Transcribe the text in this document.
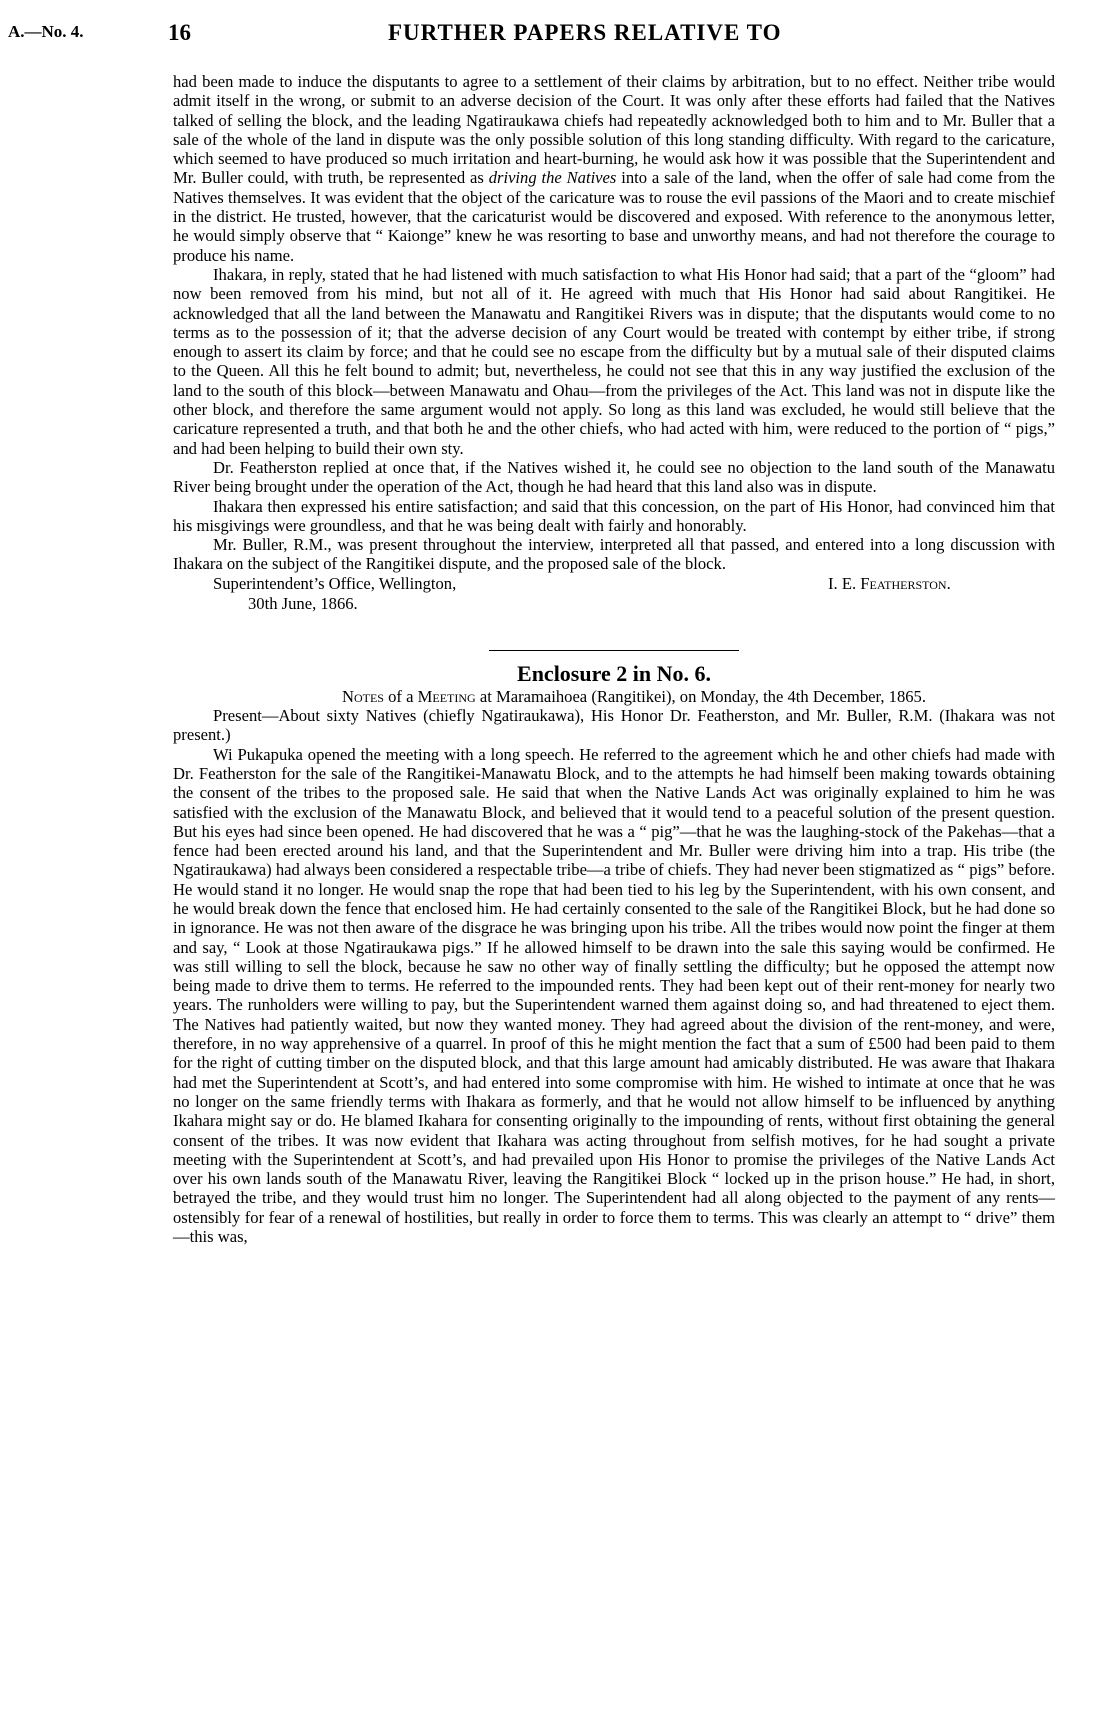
A.—No. 4.	16	FURTHER PAPERS RELATIVE TO

had been made to induce the disputants to agree to a settlement of their claims by arbitration, but to no effect. Neither tribe would admit itself in the wrong, or submit to an adverse decision of the Court. It was only after these efforts had failed that the Natives talked of selling the block, and the leading Ngatiraukawa chiefs had repeatedly acknowledged both to him and to Mr. Buller that a sale of the whole of the land in dispute was the only possible solution of this long standing difficulty. With regard to the caricature, which seemed to have produced so much irritation and heart-burning, he would ask how it was possible that the Superintendent and Mr. Buller could, with truth, be represented as driving the Natives into a sale of the land, when the offer of sale had come from the Natives themselves. It was evident that the object of the caricature was to rouse the evil passions of the Maori and to create mischief in the district. He trusted, however, that the caricaturist would be discovered and exposed. With reference to the anonymous letter, he would simply observe that “ Kaionge” knew he was resorting to base and unworthy means, and had not therefore the courage to produce his name.

Ihakara, in reply, stated that he had listened with much satisfaction to what His Honor had said; that a part of the “gloom” had now been removed from his mind, but not all of it. He agreed with much that His Honor had said about Rangitikei. He acknowledged that all the land between the Manawatu and Rangitikei Rivers was in dispute; that the disputants would come to no terms as to the possession of it; that the adverse decision of any Court would be treated with contempt by either tribe, if strong enough to assert its claim by force; and that he could see no escape from the difficulty but by a mutual sale of their disputed claims to the Queen. All this he felt bound to admit; but, nevertheless, he could not see that this in any way justified the exclusion of the land to the south of this block—between Manawatu and Ohau—from the privileges of the Act. This land was not in dispute like the other block, and therefore the same argument would not apply. So long as this land was excluded, he would still believe that the caricature represented a truth, and that both he and the other chiefs, who had acted with him, were reduced to the portion of “ pigs,” and had been helping to build their own sty.

Dr. Featherston replied at once that, if the Natives wished it, he could see no objection to the land south of the Manawatu River being brought under the operation of the Act, though he had heard that this land also was in dispute.

Ihakara then expressed his entire satisfaction; and said that this concession, on the part of His Honor, had convinced him that his misgivings were groundless, and that he was being dealt with fairly and honorably.

Mr. Buller, R.M., was present throughout the interview, interpreted all that passed, and entered into a long discussion with Ihakara on the subject of the Rangitikei dispute, and the proposed sale of the block.

Superintendent’s Office, Wellington,
30th June, 1866.
I. E. Featherston.
Enclosure 2 in No. 6.

Notes of a Meeting at Maramaihoea (Rangitikei), on Monday, the 4th December, 1865.

Present—About sixty Natives (chiefly Ngatiraukawa), His Honor Dr. Featherston, and Mr. Buller, R.M. (Ihakara was not present.)

Wi Pukapuka opened the meeting with a long speech. He referred to the agreement which he and other chiefs had made with Dr. Featherston for the sale of the Rangitikei-Manawatu Block, and to the attempts he had himself been making towards obtaining the consent of the tribes to the proposed sale. He said that when the Native Lands Act was originally explained to him he was satisfied with the exclusion of the Manawatu Block, and believed that it would tend to a peaceful solution of the present question. But his eyes had since been opened. He had discovered that he was a “ pig”—that he was the laughing-stock of the Pakehas—that a fence had been erected around his land, and that the Superintendent and Mr. Buller were driving him into a trap. His tribe (the Ngatiraukawa) had always been considered a respectable tribe—a tribe of chiefs. They had never been stigmatized as “ pigs” before. He would stand it no longer. He would snap the rope that had been tied to his leg by the Superintendent, with his own consent, and he would break down the fence that enclosed him. He had certainly consented to the sale of the Rangitikei Block, but he had done so in ignorance. He was not then aware of the disgrace he was bringing upon his tribe. All the tribes would now point the finger at them and say, “ Look at those Ngatiraukawa pigs.” If he allowed himself to be drawn into the sale this saying would be confirmed. He was still willing to sell the block, because he saw no other way of finally settling the difficulty; but he opposed the attempt now being made to drive them to terms. He referred to the impounded rents. They had been kept out of their rent-money for nearly two years. The runholders were willing to pay, but the Superintendent warned them against doing so, and had threatened to eject them. The Natives had patiently waited, but now they wanted money. They had agreed about the division of the rent-money, and were, therefore, in no way apprehensive of a quarrel. In proof of this he might mention the fact that a sum of £500 had been paid to them for the right of cutting timber on the disputed block, and that this large amount had amicably distributed. He was aware that Ihakara had met the Superintendent at Scott’s, and had entered into some compromise with him. He wished to intimate at once that he was no longer on the same friendly terms with Ihakara as formerly, and that he would not allow himself to be influenced by anything Ikahara might say or do. He blamed Ikahara for consenting originally to the impounding of rents, without first obtaining the general consent of the tribes. It was now evident that Ikahara was acting throughout from selfish motives, for he had sought a private meeting with the Superintendent at Scott’s, and had prevailed upon His Honor to promise the privileges of the Native Lands Act over his own lands south of the Manawatu River, leaving the Rangitikei Block “ locked up in the prison house.” He had, in short, betrayed the tribe, and they would trust him no longer. The Superintendent had all along objected to the payment of any rents—ostensibly for fear of a renewal of hostilities, but really in order to force them to terms. This was clearly an attempt to “ drive” them—this was,
